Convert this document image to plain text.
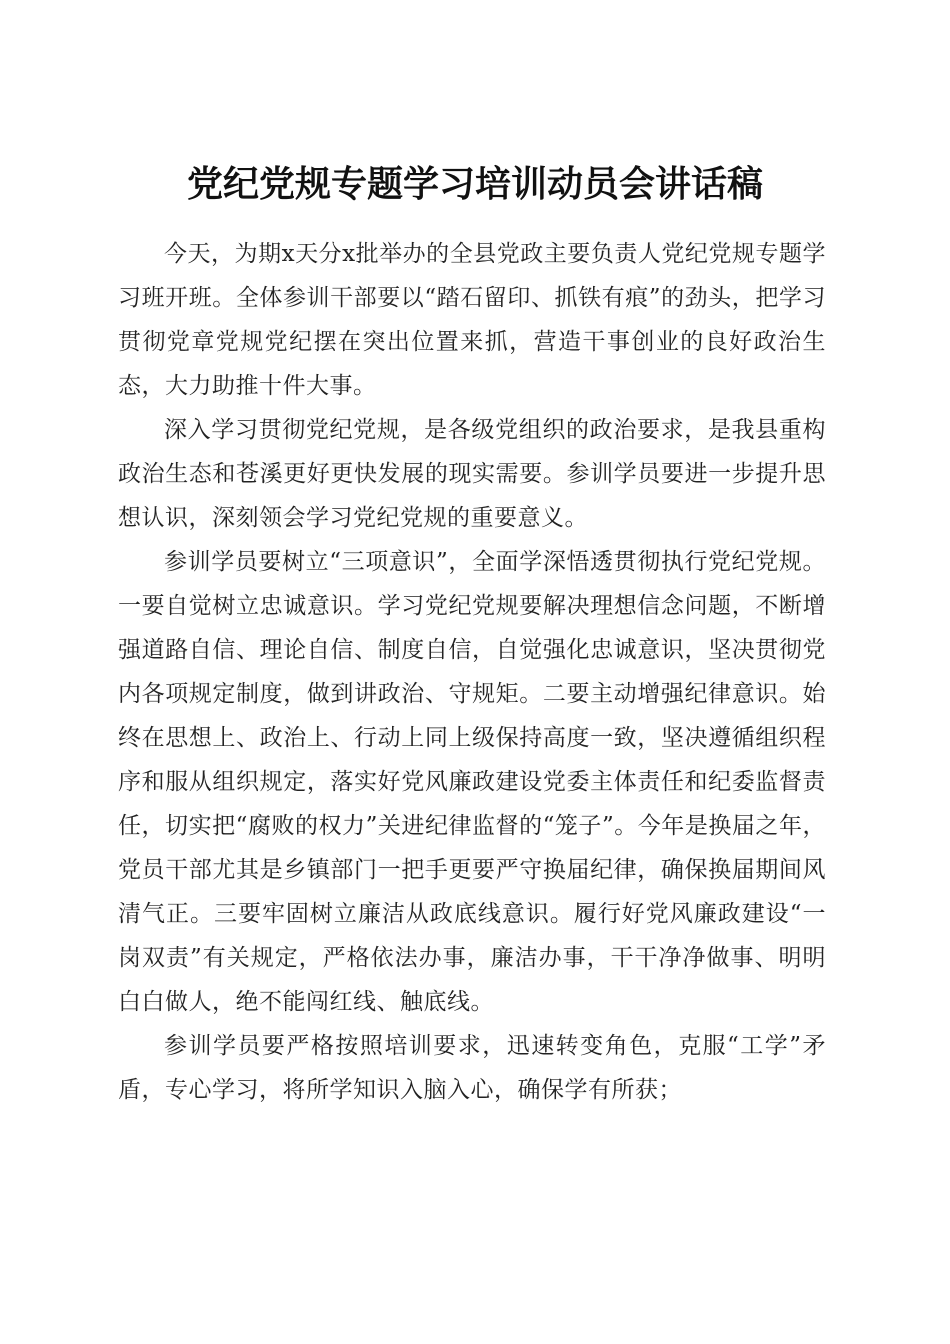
党纪党规专题学习培训动员会讲话稿

今天，为期x天分x批举办的全县党政主要负责人党纪党规专题学习班开班。全体参训干部要以“踏石留印、抓铁有痕”的劲头，把学习贯彻党章党规党纪摆在突出位置来抓，营造干事创业的良好政治生态，大力助推十件大事。

深入学习贯彻党纪党规，是各级党组织的政治要求，是我县重构政治生态和苍溪更好更快发展的现实需要。参训学员要进一步提升思想认识，深刻领会学习党纪党规的重要意义。

参训学员要树立“三项意识”，全面学深悟透贯彻执行党纪党规。一要自觉树立忠诚意识。学习党纪党规要解决理想信念问题，不断增强道路自信、理论自信、制度自信，自觉强化忠诚意识，坚决贯彻党内各项规定制度，做到讲政治、守规矩。二要主动增强纪律意识。始终在思想上、政治上、行动上同上级保持高度一致，坚决遵循组织程序和服从组织规定，落实好党风廉政建设党委主体责任和纪委监督责任，切实把“腐败的权力”关进纪律监督的“笼子”。今年是换届之年，党员干部尤其是乡镇部门一把手更要严守换届纪律，确保换届期间风清气正。三要牢固树立廉洁从政底线意识。履行好党风廉政建设“一岗双责”有关规定，严格依法办事，廉洁办事，干干净净做事、明明白白做人，绝不能闯红线、触底线。

参训学员要严格按照培训要求，迅速转变角色，克服“工学”矛盾，专心学习，将所学知识入脑入心，确保学有所获；
